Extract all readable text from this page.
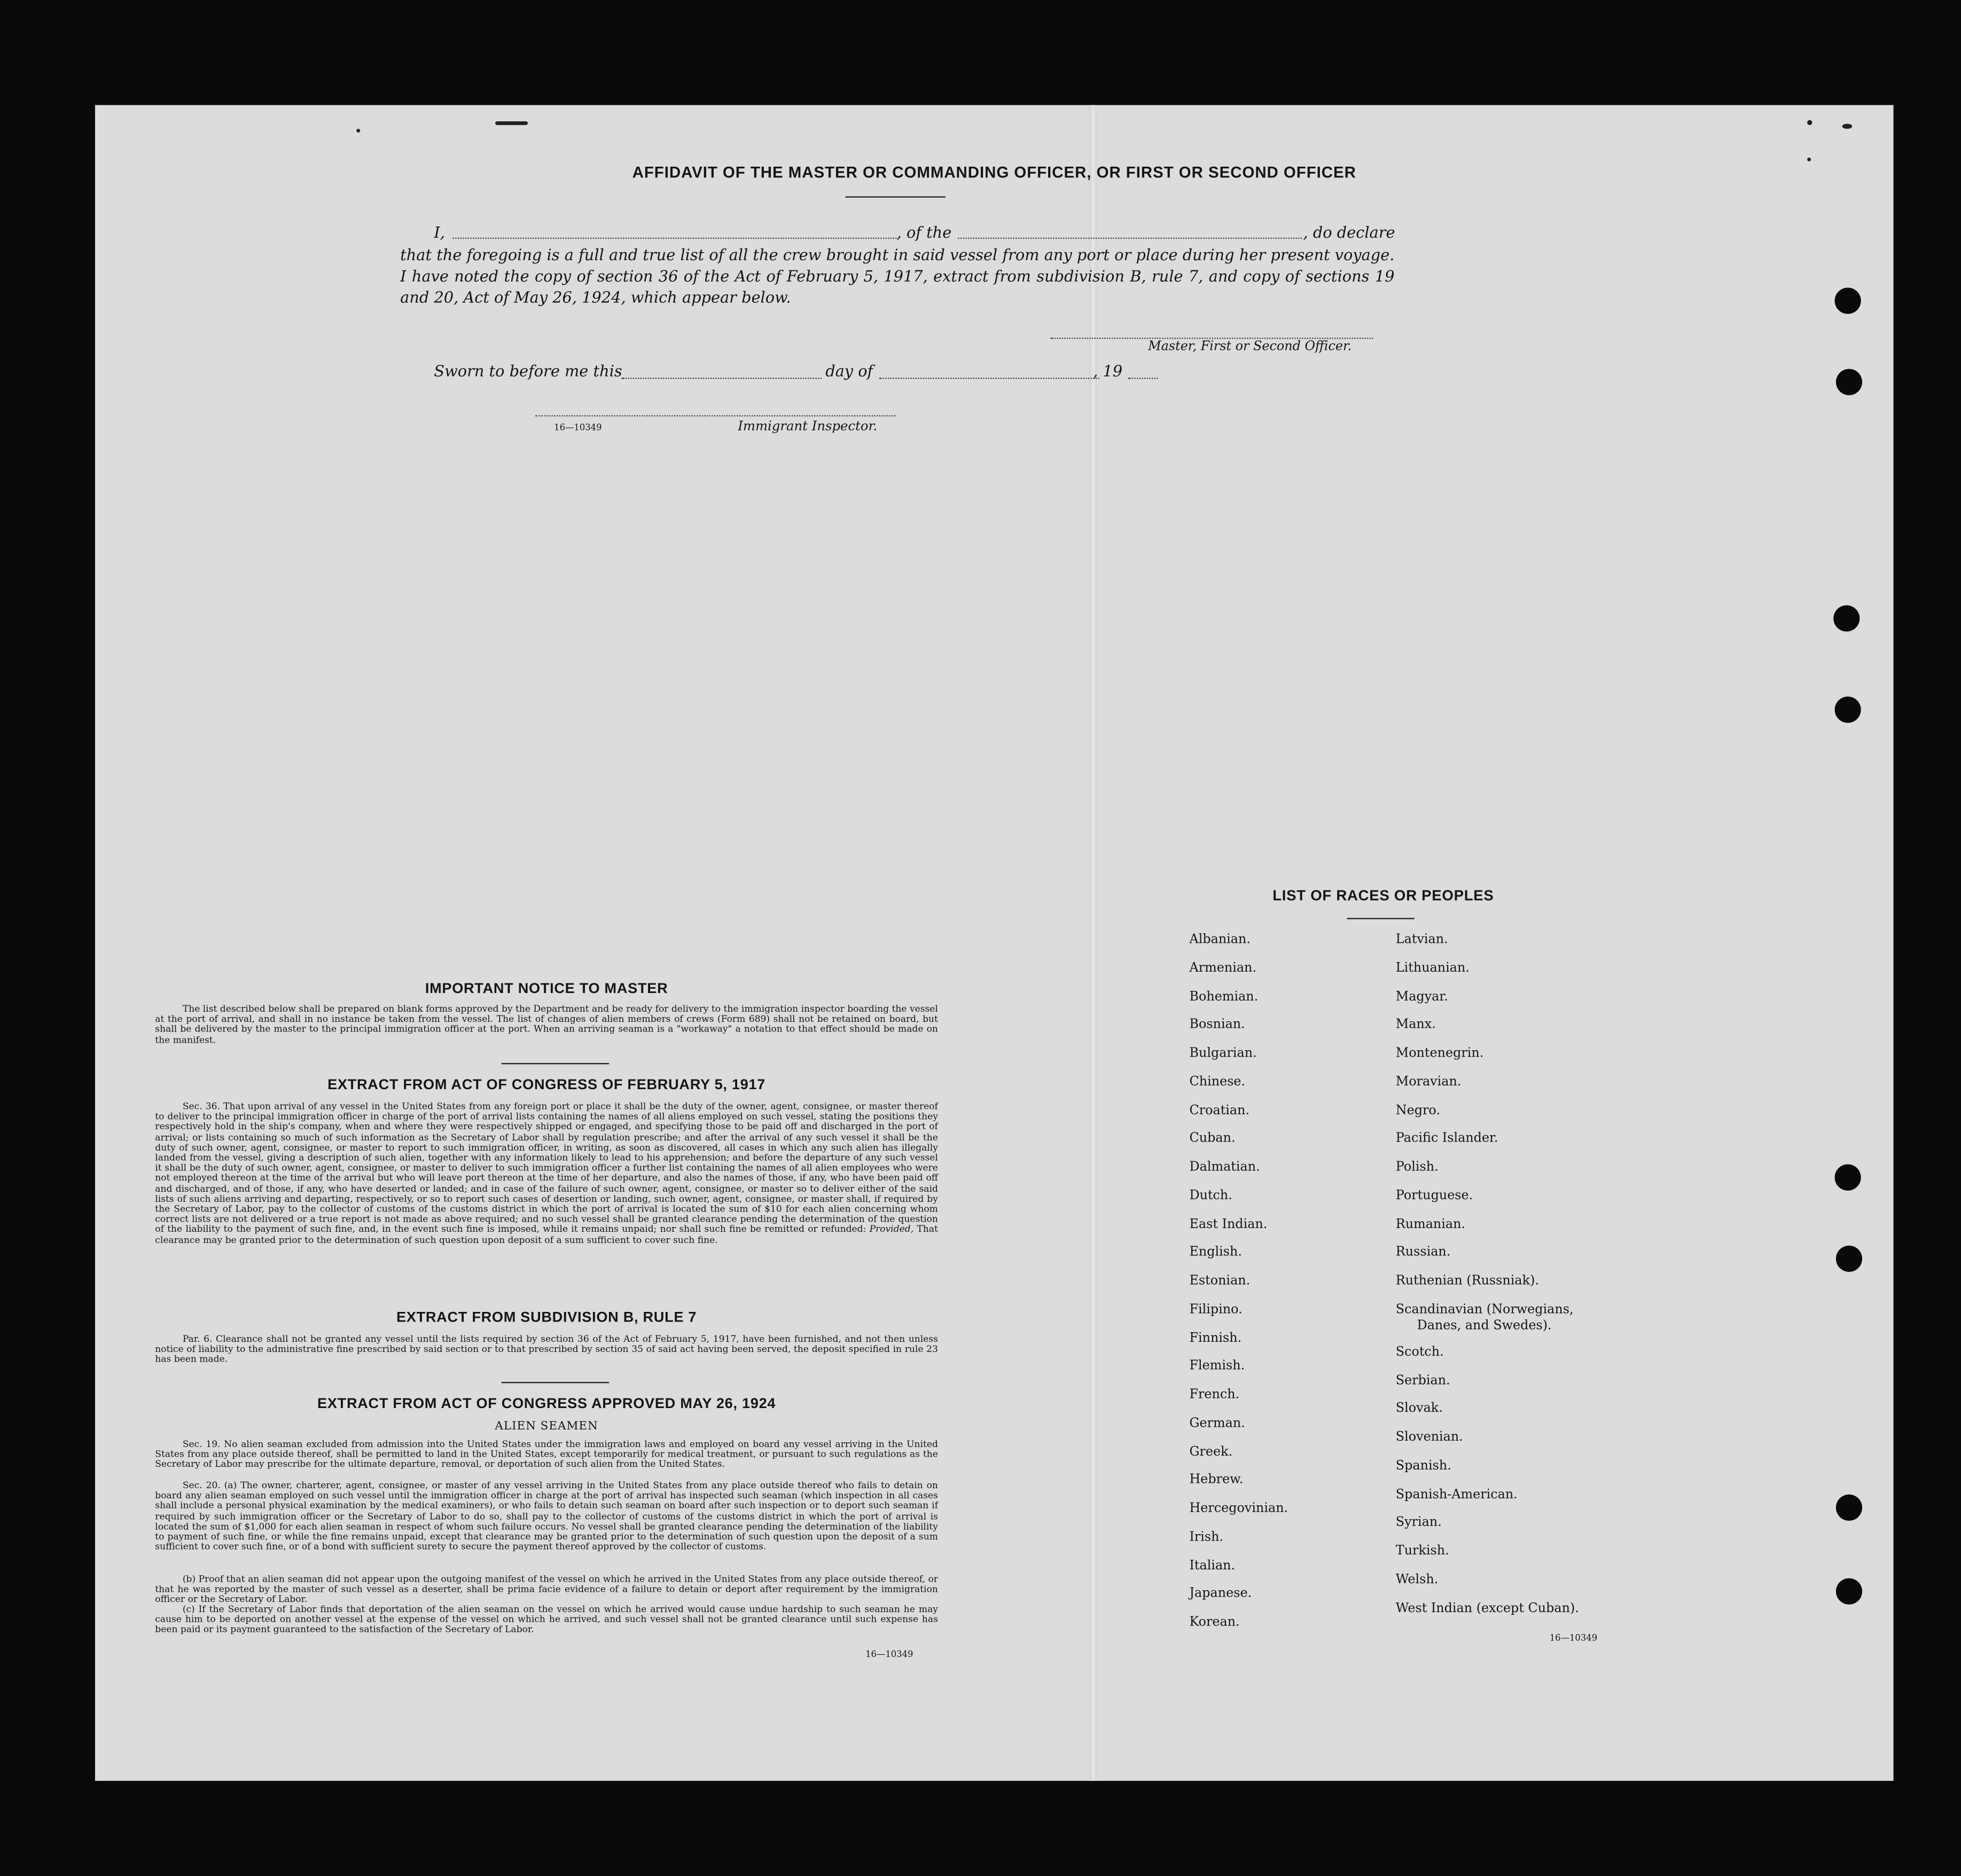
AFFIDAVIT OF THE MASTER OR COMMANDING OFFICER, OR FIRST OR SECOND OFFICER
I,	, of the	, do declare
that the foregoing is a full and true list of all the crew brought in said vessel from any port or place during her present voyage. I have noted the copy of section 36 of the Act of February 5, 1917, extract from subdivision B, rule 7, and copy of sections 19 and 20, Act of May 26, 1924, which appear below.
Master, First or Second Officer.
Sworn to before me this	day of	, 19
16—10349	Immigrant Inspector.
IMPORTANT NOTICE TO MASTER
The list described below shall be prepared on blank forms approved by the Department and be ready for delivery to the immigration inspector boarding the vessel at the port of arrival, and shall in no instance be taken from the vessel. The list of changes of alien members of crews (Form 689) shall not be retained on board, but shall be delivered by the master to the principal immigration officer at the port. When an arriving seaman is a "workaway" a notation to that effect should be made on the manifest.
EXTRACT FROM ACT OF CONGRESS OF FEBRUARY 5, 1917
Sec. 36. That upon arrival of any vessel in the United States from any foreign port or place it shall be the duty of the owner, agent, consignee, or master thereof to deliver to the principal immigration officer in charge of the port of arrival lists containing the names of all aliens employed on such vessel, stating the positions they respectively hold in the ship's company, when and where they were respectively shipped or engaged, and specifying those to be paid off and discharged in the port of arrival; or lists containing so much of such information as the Secretary of Labor shall by regulation prescribe; and after the arrival of any such vessel it shall be the duty of such owner, agent, consignee, or master to report to such immigration officer, in writing, as soon as discovered, all cases in which any such alien has illegally landed from the vessel, giving a description of such alien, together with any information likely to lead to his apprehension; and before the departure of any such vessel it shall be the duty of such owner, agent, consignee, or master to deliver to such immigration officer a further list containing the names of all alien employees who were not employed thereon at the time of the arrival but who will leave port thereon at the time of her departure, and also the names of those, if any, who have been paid off and discharged, and of those, if any, who have deserted or landed; and in case of the failure of such owner, agent, consignee, or master so to deliver either of the said lists of such aliens arriving and departing, respectively, or so to report such cases of desertion or landing, such owner, agent, consignee, or master shall, if required by the Secretary of Labor, pay to the collector of customs of the customs district in which the port of arrival is located the sum of $10 for each alien concerning whom correct lists are not delivered or a true report is not made as above required; and no such vessel shall be granted clearance pending the determination of the question of the liability to the payment of such fine, and, in the event such fine is imposed, while it remains unpaid; nor shall such fine be remitted or refunded: Provided, That clearance may be granted prior to the determination of such question upon deposit of a sum sufficient to cover such fine.
EXTRACT FROM SUBDIVISION B, RULE 7
Par. 6. Clearance shall not be granted any vessel until the lists required by section 36 of the Act of February 5, 1917, have been furnished, and not then unless notice of liability to the administrative fine prescribed by said section or to that prescribed by section 35 of said act having been served, the deposit specified in rule 23 has been made.
EXTRACT FROM ACT OF CONGRESS APPROVED MAY 26, 1924
ALIEN SEAMEN
Sec. 19. No alien seaman excluded from admission into the United States under the immigration laws and employed on board any vessel arriving in the United States from any place outside thereof, shall be permitted to land in the United States, except temporarily for medical treatment, or pursuant to such regulations as the Secretary of Labor may prescribe for the ultimate departure, removal, or deportation of such alien from the United States.
Sec. 20. (a) The owner, charterer, agent, consignee, or master of any vessel arriving in the United States from any place outside thereof who fails to detain on board any alien seaman employed on such vessel until the immigration officer in charge at the port of arrival has inspected such seaman (which inspection in all cases shall include a personal physical examination by the medical examiners), or who fails to detain such seaman on board after such inspection or to deport such seaman if required by such immigration officer or the Secretary of Labor to do so, shall pay to the collector of customs of the customs district in which the port of arrival is located the sum of $1,000 for each alien seaman in respect of whom such failure occurs. No vessel shall be granted clearance pending the determination of the liability to payment of such fine, or while the fine remains unpaid, except that clearance may be granted prior to the determination of such question upon the deposit of a sum sufficient to cover such fine, or of a bond with sufficient surety to secure the payment thereof approved by the collector of customs.
(b) Proof that an alien seaman did not appear upon the outgoing manifest of the vessel on which he arrived in the United States from any place outside thereof, or that he was reported by the master of such vessel as a deserter, shall be prima facie evidence of a failure to detain or deport after requirement by the immigration officer or the Secretary of Labor.
(c) If the Secretary of Labor finds that deportation of the alien seaman on the vessel on which he arrived would cause undue hardship to such seaman he may cause him to be deported on another vessel at the expense of the vessel on which he arrived, and such vessel shall not be granted clearance until such expense has been paid or its payment guaranteed to the satisfaction of the Secretary of Labor.
16—10349
LIST OF RACES OR PEOPLES
Albanian.
Armenian.
Bohemian.
Bosnian.
Bulgarian.
Chinese.
Croatian.
Cuban.
Dalmatian.
Dutch.
East Indian.
English.
Estonian.
Filipino.
Finnish.
Flemish.
French.
German.
Greek.
Hebrew.
Hercegovinian.
Irish.
Italian.
Japanese.
Korean.
Latvian.
Lithuanian.
Magyar.
Manx.
Montenegrin.
Moravian.
Negro.
Pacific Islander.
Polish.
Portuguese.
Rumanian.
Russian.
Ruthenian (Russniak).
Scandinavian (Norwegians,
Danes, and Swedes).
Scotch.
Serbian.
Slovak.
Slovenian.
Spanish.
Spanish-American.
Syrian.
Turkish.
Welsh.
West Indian (except Cuban).
16—10349
